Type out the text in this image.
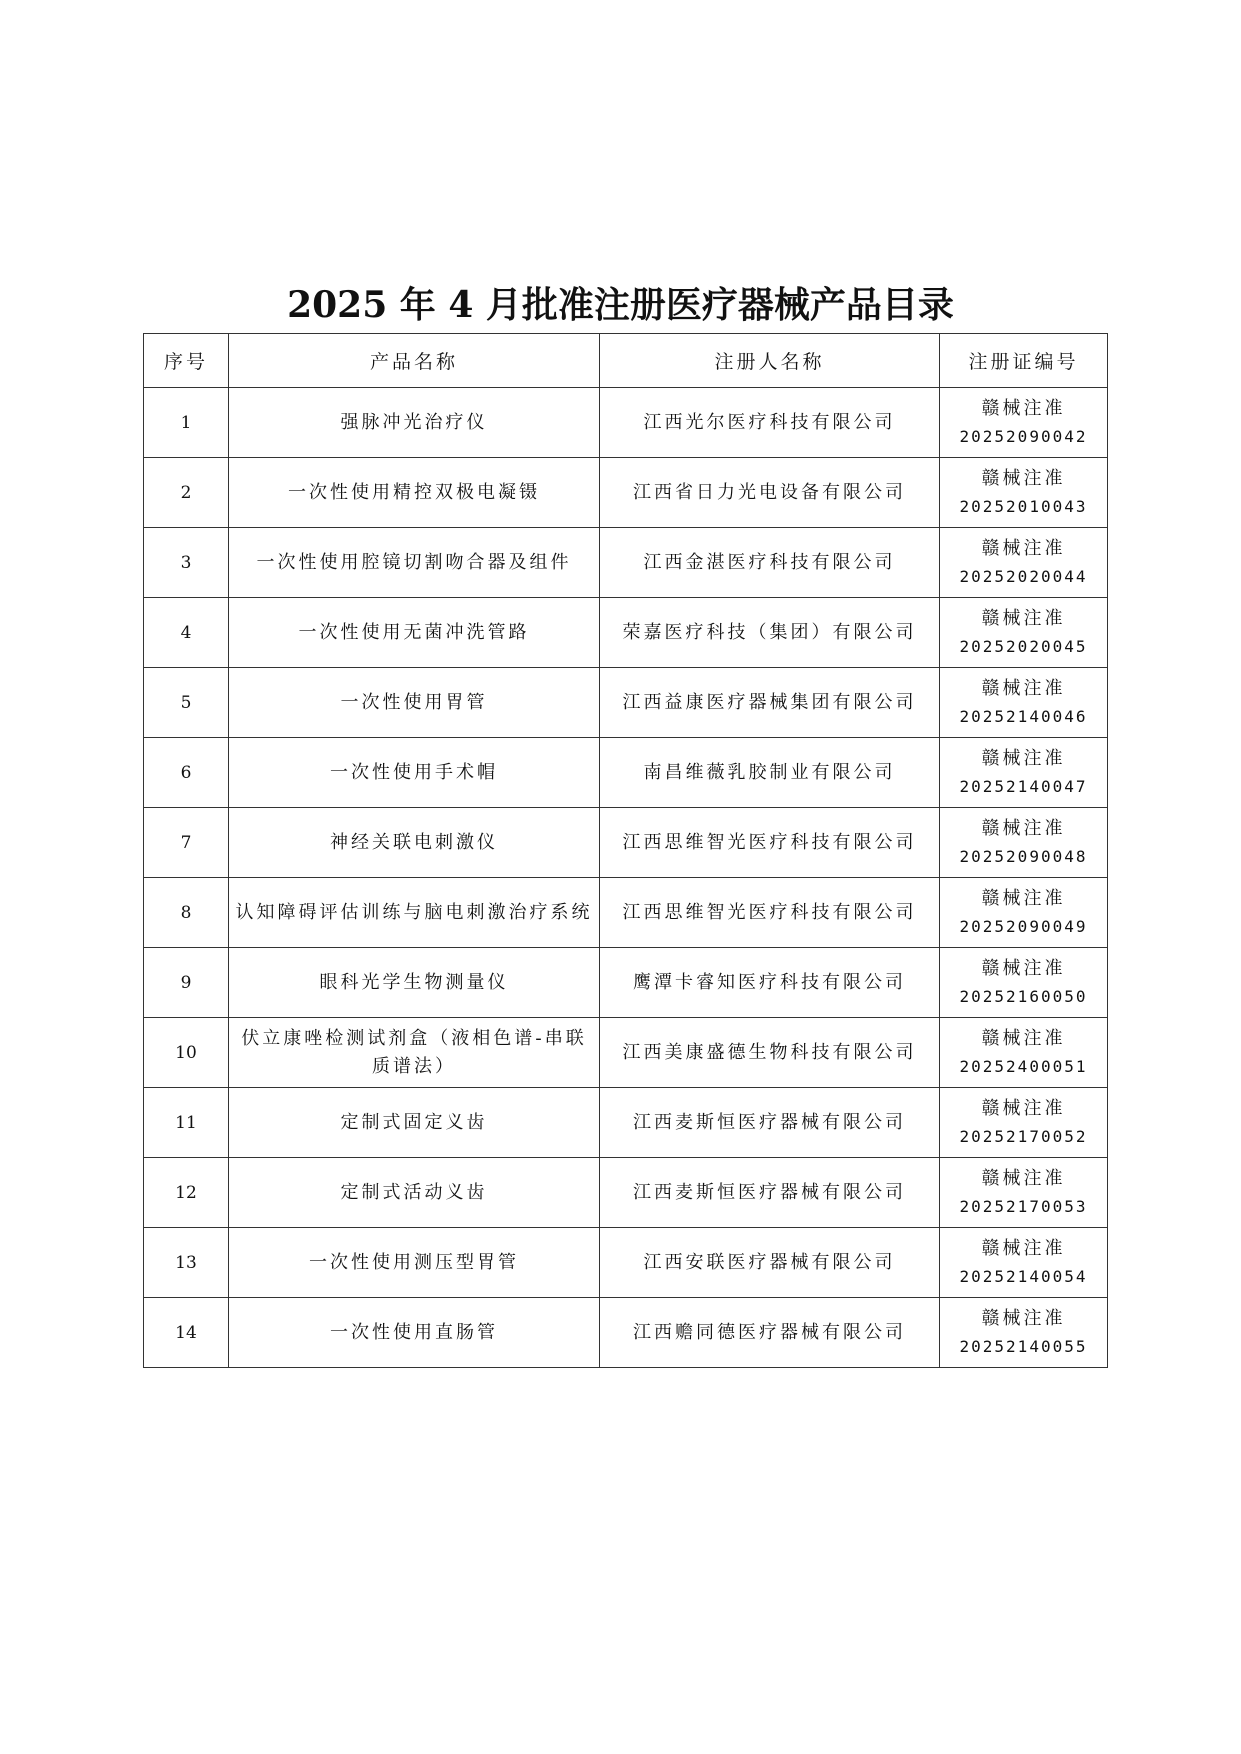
2025 年 4 月批准注册医疗器械产品目录
序号	产品名称	注册人名称	注册证编号
1	强脉冲光治疗仪	江西光尔医疗科技有限公司	赣械注准
20252090042

2	一次性使用精控双极电凝镊	江西省日力光电设备有限公司	赣械注准
20252010043

3	一次性使用腔镜切割吻合器及组件	江西金湛医疗科技有限公司	赣械注准
20252020044

4	一次性使用无菌冲洗管路	荣嘉医疗科技（集团）有限公司	赣械注准
20252020045

5	一次性使用胃管	江西益康医疗器械集团有限公司	赣械注准
20252140046

6	一次性使用手术帽	南昌维薇乳胶制业有限公司	赣械注准
20252140047

7	神经关联电刺激仪	江西思维智光医疗科技有限公司	赣械注准
20252090048

8	认知障碍评估训练与脑电刺激治疗系统	江西思维智光医疗科技有限公司	赣械注准
20252090049

9	眼科光学生物测量仪	鹰潭卡睿知医疗科技有限公司	赣械注准
20252160050

10	伏立康唑检测试剂盒（液相色谱-串联质谱法）	江西美康盛德生物科技有限公司	赣械注准
20252400051

11	定制式固定义齿	江西麦斯恒医疗器械有限公司	赣械注准
20252170052

12	定制式活动义齿	江西麦斯恒医疗器械有限公司	赣械注准
20252170053

13	一次性使用测压型胃管	江西安联医疗器械有限公司	赣械注准
20252140054

14	一次性使用直肠管	江西赡同德医疗器械有限公司	赣械注准
20252140055
